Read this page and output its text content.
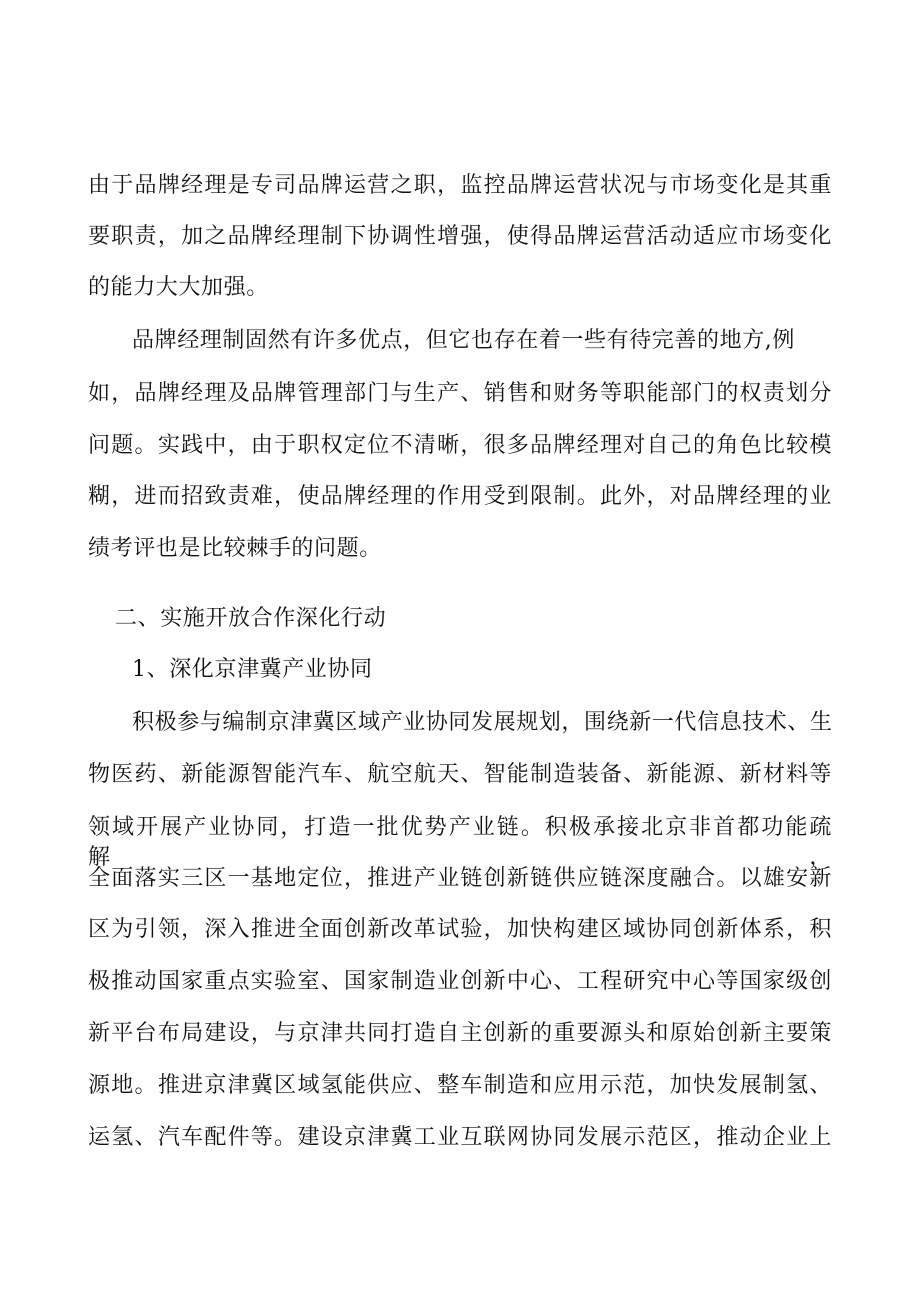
由于品牌经理是专司品牌运营之职，监控品牌运营状况与市场变化是其重
要职责，加之品牌经理制下协调性增强，使得品牌运营活动适应市场变化
的能力大大加强。
品牌经理制固然有许多优点，但它也存在着一些有待完善的地方,例
如，品牌经理及品牌管理部门与生产、销售和财务等职能部门的权责划分
问题。实践中，由于职权定位不清晰，很多品牌经理对自己的角色比较模
糊，进而招致责难，使品牌经理的作用受到限制。此外，对品牌经理的业
绩考评也是比较棘手的问题。
二、实施开放合作深化行动
1、深化京津冀产业协同
积极参与编制京津冀区域产业协同发展规划，围绕新一代信息技术、生
物医药、新能源智能汽车、航空航天、智能制造装备、新能源、新材料等
领域开展产业协同，打造一批优势产业链。积极承接北京非首都功能疏解，
全面落实三区一基地定位，推进产业链创新链供应链深度融合。以雄安新
区为引领，深入推进全面创新改革试验，加快构建区域协同创新体系，积
极推动国家重点实验室、国家制造业创新中心、工程研究中心等国家级创
新平台布局建设，与京津共同打造自主创新的重要源头和原始创新主要策
源地。推进京津冀区域氢能供应、整车制造和应用示范，加快发展制氢、
运氢、汽车配件等。建设京津冀工业互联网协同发展示范区，推动企业上
